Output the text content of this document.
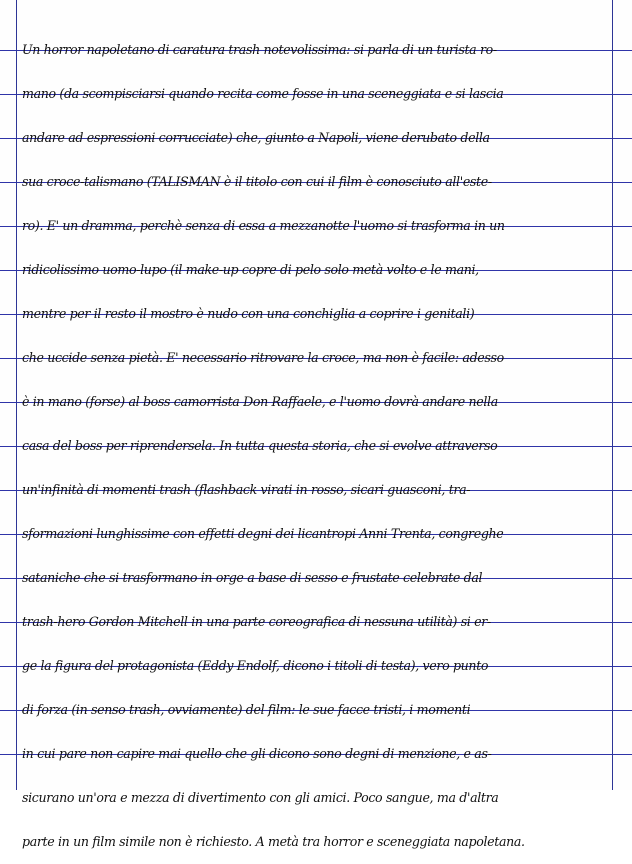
Un horror napoletano di caratura trash notevolissima: si parla di un turista ro-
mano (da scompisciarsi quando recita come fosse in una sceneggiata e si lascia
andare ad espressioni corrucciate) che, giunto a Napoli, viene derubato della
sua croce-talismano (TALISMAN è il titolo con cui il film è conosciuto all'este-
ro). E' un dramma, perchè senza di essa a mezzanotte l'uomo si trasforma in un
ridicolissimo uomo-lupo (il make-up copre di pelo solo metà volto e le mani,
mentre per il resto il mostro è nudo con una conchiglia a coprire i genitali)
che uccide senza pietà. E' necessario ritrovare la croce, ma non è facile: adesso
è in mano (forse) al boss camorrista Don Raffaele, e l'uomo dovrà andare nella
casa del boss per riprendersela. In tutta questa storia, che si evolve attraverso
un'infinità di momenti trash (flashback virati in rosso, sicari guasconi, tra-
sformazioni lunghissime con effetti degni dei licantropi Anni Trenta, congreghe
sataniche che si trasformano in orge a base di sesso e frustate celebrate dal
trash-hero Gordon Mitchell in una parte coreografica di nessuna utilità) si er-
ge la figura del protagonista (Eddy Endolf, dicono i titoli di testa), vero punto
di forza (in senso trash, ovviamente) del film: le sue facce tristi, i momenti
in cui pare non capire mai quello che gli dicono sono degni di menzione, e as-
sicurano un'ora e mezza di divertimento con gli amici. Poco sangue, ma d'altra
parte in un film simile non è richiesto. A metà tra horror e sceneggiata napoletana.
